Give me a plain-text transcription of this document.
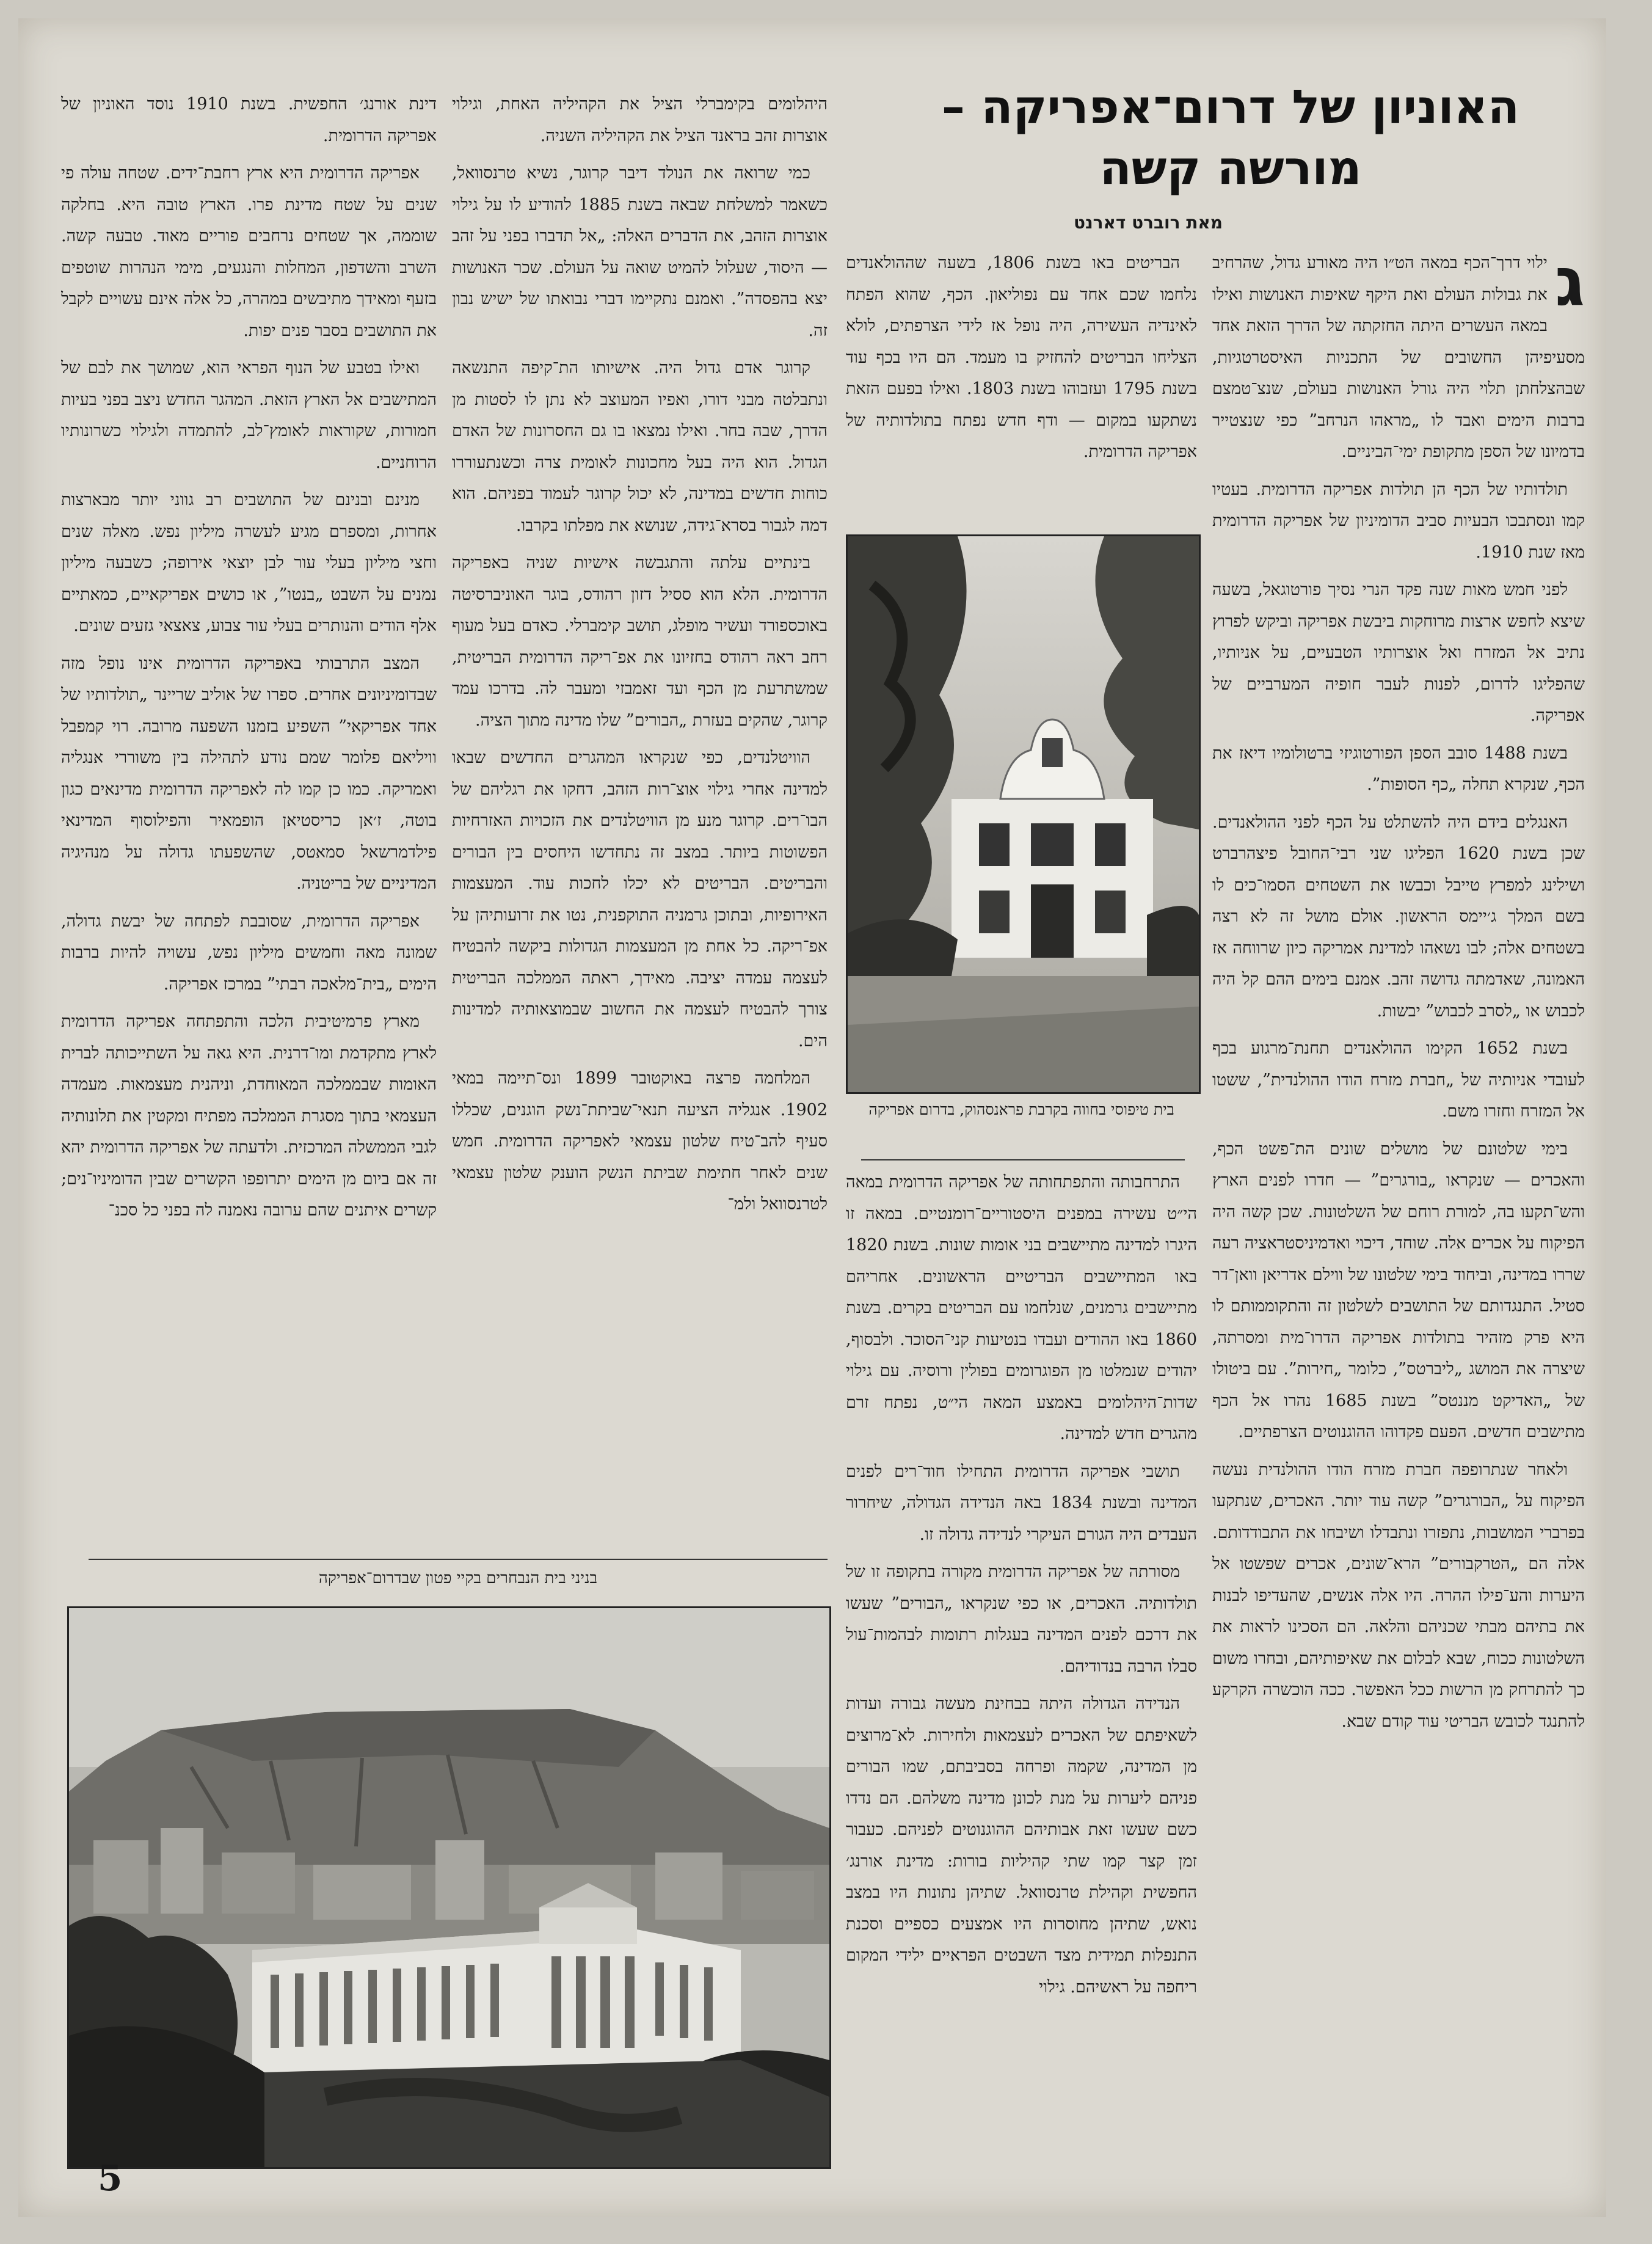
האוניון של דרום־אפריקה –
מורשה קשה
מאת רוברט דארנט
ג

ילוי דרך־הכף במאה הט״ו היה מאורע גדול, שהרחיב את גבולות העולם ואת היקף שאיפות האנושות ואילו במאה העשרים היתה החזקתה של הדרך הזאת אחד מסעיפיהן החשובים של התכניות האיסטרטגיות, שבהצלחתן תלוי היה גורל האנושות בעולם, שנצ־טמצם ברבות הימים ואבד לו „מראהו הנרחב” כפי שנצטייר בדמיונו של הספן מתקופת ימי־הביניים.

תולדותיו של הכף הן תולדות אפריקה הדרומית. בעטיו קמו ונסתבכו הבעיות סביב הדומיניון של אפריקה הדרומית מאז שנת 1910.

לפני חמש מאות שנה פקד הנרי נסיך פורטוגאל, בשעה שיצא לחפש ארצות מרוחקות ביבשת אפריקה וביקש לפרוץ נתיב אל המזרח ואל אוצרותיו הטבעיים, על אניותיו, שהפליגו לדרום, לפנות לעבר חופיה המערביים של אפריקה.

בשנת 1488 סובב הספן הפורטוגיזי ברטולומיו דיאז את הכף, שנקרא תחלה „כף הסופות”.

האנגלים בידם היה להשתלט על הכף לפני ההולאנדים. שכן בשנת 1620 הפליגו שני רבי־החובל פיצהרברט ושילינג למפרץ טייבל וכבשו את השטחים הסמו־כים לו בשם המלך ג׳יימס הראשון. אולם מושל זה לא רצה בשטחים אלה; לבו נשאהו למדינת אמריקה כיון שרווחה אז האמונה, שאדמתה גדושה זהב. אמנם בימים ההם קל היה לכבוש או „לסרב לכבוש” יבשות.

בשנת 1652 הקימו ההולאנדים תחנת־מרגוע בכף לעובדי אניותיה של „חברת מזרח הודו ההולנדית”, ששטו אל המזרח וחזרו משם.

בימי שלטונם של מושלים שונים הת־פשט הכף, והאכרים — שנקראו „בורגרים” — חדרו לפנים הארץ והש־תקעו בה, למורת רוחם של השלטונות. שכן קשה היה הפיקוח על אכרים אלה. שוחד, דיכוי ואדמיניסטראציה רעה שררו במדינה, וביחוד בימי שלטונו של ווילם אדריאן וואן־דר סטיל. התנגדותם של התושבים לשלטון זה והתקוממותם לו היא פרק מזהיר בתולדות אפריקה הדרו־מית ומסרתה, שיצרה את המושג „ליברטס”, כלומר „חירות”. עם ביטולו של „האדיקט מננטס” בשנת 1685 נהרו אל הכף מתישבים חדשים. הפעם פקדוהו ההוגנוטים הצרפתיים.

ולאחר שנתרופפה חברת מזרח הודו ההולנדית נעשה הפיקוח על „הבורגרים” קשה עוד יותר. האכרים, שנתקעו בפרברי המושבות, נתפזרו ונתבדלו ושיבחו את התבודדותם. אלה הם „הטרקבורים” הרא־שונים, אכרים שפשטו אל היערות והע־פילו ההרה. היו אלה אנשים, שהעדיפו לבנות את בתיהם מבתי שכניהם והלאה. הם הסכינו לראות את השלטונות ככוח, שבא לבלום את שאיפותיהם, ובחרו משום כך להתרחק מן הרשות ככל האפשר. ככה הוכשרה הקרקע להתנגד לכובש הבריטי עוד קודם שבא.

הבריטים באו בשנת 1806, בשעה שההולאנדים נלחמו שכם אחד עם נפוליאון. הכף, שהוא הפתח לאינדיה העשירה, היה נופל אז לידי הצרפתים, לולא הצליחו הבריטים להחזיק בו מעמד. הם היו בכף עוד בשנת 1795 ועזבוהו בשנת 1803. ואילו בפעם הזאת נשתקעו במקום — ודף חדש נפתח בתולדותיה של אפריקה הדרומית.

בית טיפוסי בחווה בקרבת פראנסהוק, בדרום אפריקה

התרחבותה והתפתחותה של אפריקה הדרומית במאה הי״ט עשירה במפנים היסטוריים־רומנטיים. במאה זו היגרו למדינה מתיישבים בני אומות שונות. בשנת 1820 באו המתיישבים הבריטיים הראשונים. אחריהם מתיישבים גרמנים, שנלחמו עם הבריטים בקרים. בשנת 1860 באו ההודים ועבדו בנטיעות קני־הסוכר. ולבסוף, יהודים שנמלטו מן הפוגרומים בפולין ורוסיה. עם גילוי שדות־היהלומים באמצע המאה הי״ט, נפתח זרם מהגרים חדש למדינה.

תושבי אפריקה הדרומית התחילו חוד־רים לפנים המדינה ובשנת 1834 באה הנדידה הגדולה, שיחרור העבדים היה הגורם העיקרי לנדידה גדולה זו.

מסורתה של אפריקה הדרומית מקורה בתקופה זו של תולדותיה. האכרים, או כפי שנקראו „הבורים” שעשו את דרכם לפנים המדינה בעגלות רתומות לבהמות־עול סבלו הרבה בנדודיהם.

הנדידה הגדולה היתה בבחינת מעשה גבורה ועדות לשאיפתם של האכרים לעצמאות ולחירות. לא־מרוצים מן המדינה, שקמה ופרחה בסביבתם, שמו הבורים פניהם ליערות על מנת לכונן מדינה משלהם. הם נדדו כשם שעשו זאת אבותיהם ההוגנוטים לפניהם. כעבור זמן קצר קמו שתי קהיליות בורות: מדינת אורנג׳ החפשית וקהילת טרנסוואל. שתיהן נתונות היו במצב נואש, שתיהן מחוסרות היו אמצעים כספיים וסכנת התנפלות תמידית מצד השבטים הפראיים ילידי המקום ריחפה על ראשיהם. גילוי

היהלומים בקימברלי הציל את הקהיליה האחת, וגילוי אוצרות זהב בראנד הציל את הקהיליה השניה.

כמי שרואה את הנולד דיבר קרוגר, נשיא טרנסוואל, כשאמר למשלחת שבאה בשנת 1885 להודיע לו על גילוי אוצרות הזהב, את הדברים האלה: „אל תדברו בפני על זהב — היסוד, שעלול להמיט שואה על העולם. שכר האנושות יצא בהפסדה”. ואמנם נתקיימו דברי נבואתו של ישיש נבון זה.

קרוגר אדם גדול היה. אישיותו הת־קיפה התנשאה ונתבלטה מבני דורו, ואפיו המעוצב לא נתן לו לסטות מן הדרך, שבה בחר. ואילו נמצאו בו גם החסרונות של האדם הגדול. הוא היה בעל מחכונות לאומית צרה וכשנתעוררו כוחות חדשים במדינה, לא יכול קרוגר לעמוד בפניהם. הוא דמה לגבור בסרא־גידה, שנושא את מפלתו בקרבו.

בינתיים עלתה והתגבשה אישיות שניה באפריקה הדרומית. הלא הוא ססיל דזון רהודס, בוגר האוניברסיטה באוכספורד ועשיר מופלג, תושב קימברלי. כאדם בעל מעוף רחב ראה רהודס בחזיונו את אפ־ריקה הדרומית הבריטית, שמשתרעת מן הכף ועד זאמבזי ומעבר לה. בדרכו עמד קרוגר, שהקים בעזרת „הבורים” שלו מדינה מתוך הציה.

הוויטלנדים, כפי שנקראו המהגרים החדשים שבאו למדינה אחרי גילוי אוצ־רות הזהב, דחקו את רגליהם של הבו־רים. קרוגר מנע מן הוויטלנדים את הזכויות האזרחיות הפשוטות ביותר. במצב זה נתחדשו היחסים בין הבורים והבריטים. הבריטים לא יכלו לחכות עוד. המעצמות האירופיות, ובתוכן גרמניה התוקפנית, נטו את זרועותיהן על אפ־ריקה. כל אחת מן המעצמות הגדולות ביקשה להבטיח לעצמה עמדה יציבה. מאידך, ראתה הממלכה הבריטית צורך להבטיח לעצמה את החשוב שבמוצאותיה למדינות הים.

המלחמה פרצה באוקטובר 1899 ונס־תיימה במאי 1902. אנגליה הציעה תנאי־שביתת־נשק הוגנים, שכללו סעיף להב־טיח שלטון עצמאי לאפריקה הדרומית. חמש שנים לאחר חתימת שביתת הנשק הוענק שלטון עצמאי לטרנסוואל ולמ־

דינת אורנג׳ החפשית. בשנת 1910 נוסד האוניון של אפריקה הדרומית.

אפריקה הדרומית היא ארץ רחבת־ידים. שטחה עולה פי שנים על שטח מדינת פרו. הארץ טובה היא. בחלקה שוממה, אך שטחים נרחבים פוריים מאוד. טבעה קשה. השרב והשדפון, המחלות והנגעים, מימי הנהרות שוטפים בזעף ומאידך מתיבשים במהרה, כל אלה אינם עשויים לקבל את התושבים בסבר פנים יפות.

ואילו בטבע של הנוף הפראי הוא, שמושך את לבם של המתישבים אל הארץ הזאת. המהגר החדש ניצב בפני בעיות חמורות, שקוראות לאומץ־לב, להתמדה ולגילוי כשרונותיו הרוחניים.

מנינם ובנינם של התושבים רב גווני יותר מבארצות אחרות, ומספרם מגיע לעשרה מיליון נפש. מאלה שנים וחצי מיליון בעלי עור לבן יוצאי אירופה; כשבעה מיליון נמנים על השבט „בנטו”, או כושים אפריקאיים, כמאתיים אלף הודים והנותרים בעלי עור צבוע, צאצאי גזעים שונים.

המצב התרבותי באפריקה הדרומית אינו נופל מזה שבדומיניונים אחרים. ספרו של אוליב שריינר „תולדותיו של אחד אפריקאי” השפיע בזמנו השפעה מרובה. רוי קמפבל וויליאם פלומר שמם נודע לתהילה בין משוררי אנגליה ואמריקה. כמו כן קמו לה לאפריקה הדרומית מדינאים כגון בוטה, ז׳אן כריסטיאן הופמאיר והפילוסוף המדינאי פילדמרשאל סמאטס, שהשפעתו גדולה על מנהיגיה המדיניים של בריטניה.

אפריקה הדרומית, שסובבת לפתחה של יבשת גדולה, שמונה מאה וחמשים מיליון נפש, עשויה להיות ברבות הימים „בית־מלאכה רבתי” במרכז אפריקה.

מארץ פרמיטיבית הלכה והתפתחה אפריקה הדרומית לארץ מתקדמת ומו־דרנית. היא גאה על השתייכותה לברית האומות שבממלכה המאוחדת, וניהנית מעצמאות. מעמדה העצמאי בתוך מסגרת הממלכה מפתיח ומקטין את תלונותיה לגבי הממשלה המרכזית. ולדעתה של אפריקה הדרומית יהא זה אם ביום מן הימים יתרופפו הקשרים שבין הדומיניו־נים; קשרים איתנים שהם ערובה נאמנה לה בפני כל סכנ־

בניני בית הנבחרים בקיי פטון שבדרום־אפריקה
5
